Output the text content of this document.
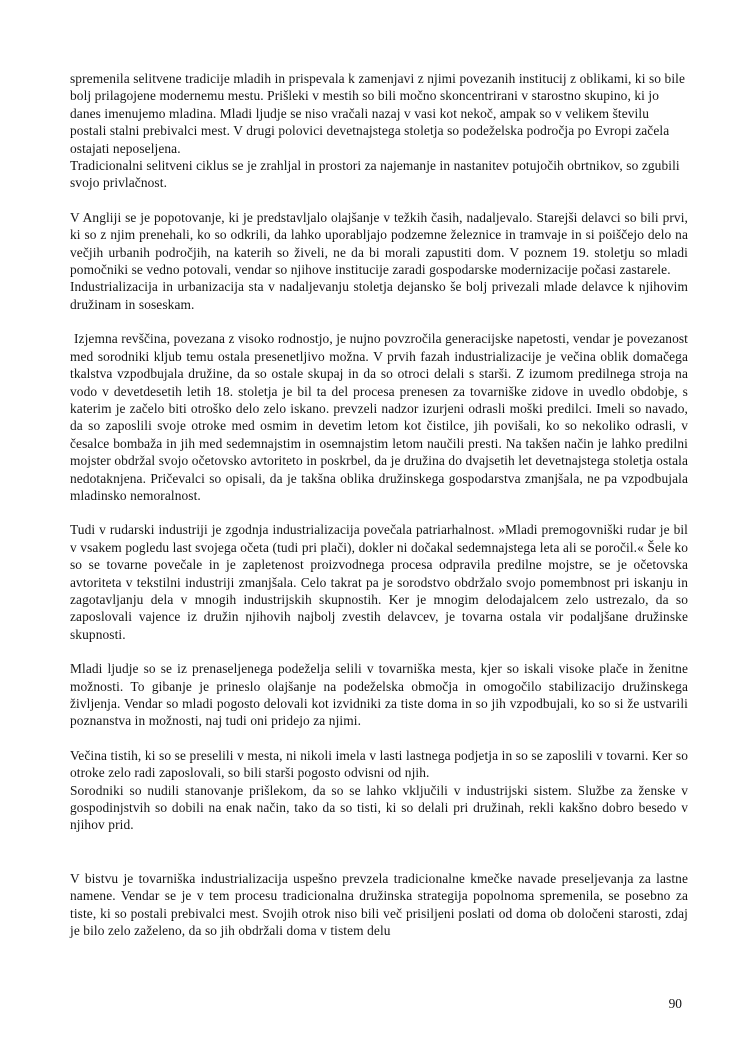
spremenila selitvene tradicije mladih in prispevala k zamenjavi z njimi povezanih institucij z oblikami, ki so bile bolj prilagojene modernemu mestu. Prišleki v mestih so bili močno skoncentrirani v starostno skupino, ki jo danes imenujemo mladina. Mladi ljudje se niso vračali nazaj v vasi kot nekoč, ampak so v velikem številu postali stalni prebivalci mest. V drugi polovici devetnajstega stoletja so podeželska področja po Evropi začela ostajati neposeljena.

Tradicionalni selitveni ciklus se je zrahljal in prostori za najemanje in nastanitev potujočih obrtnikov, so zgubili svojo privlačnost.

V Angliji se je popotovanje, ki je predstavljalo olajšanje v težkih časih, nadaljevalo. Starejši delavci so bili prvi, ki so z njim prenehali, ko so odkrili, da lahko uporabljajo podzemne železnice in tramvaje in si poiščejo delo na večjih urbanih področjih, na katerih so živeli, ne da bi morali zapustiti dom. V poznem 19. stoletju so mladi pomočniki se vedno potovali, vendar so njihove institucije zaradi gospodarske modernizacije počasi zastarele.

Industrializacija in urbanizacija sta v nadaljevanju stoletja dejansko še bolj privezali mlade delavce k njihovim družinam in soseskam.

Izjemna revščina, povezana z visoko rodnostjo, je nujno povzročila generacijske napetosti, vendar je povezanost med sorodniki kljub temu ostala presenetljivo možna. V prvih fazah industrializacije je večina oblik domačega tkalstva vzpodbujala družine, da so ostale skupaj in da so otroci delali s starši. Z izumom predilnega stroja na vodo v devetdesetih letih 18. stoletja je bil ta del procesa prenesen za tovarniške zidove in uvedlo obdobje, s katerim je začelo biti otroško delo zelo iskano. prevzeli nadzor izurjeni odrasli moški predilci. Imeli so navado, da so zaposlili svoje otroke med osmim in devetim letom kot čistilce, jih povišali, ko so nekoliko odrasli, v česalce bombaža in jih med sedemnajstim in osemnajstim letom naučili presti. Na takšen način je lahko predilni mojster obdržal svojo očetovsko avtoriteto in poskrbel, da je družina do dvajsetih let devetnajstega stoletja ostala nedotaknjena. Pričevalci so opisali, da je takšna oblika družinskega gospodarstva zmanjšala, ne pa vzpodbujala mladinsko nemoralnost.

Tudi v rudarski industriji je zgodnja industrializacija povečala patriarhalnost. »Mladi premogovniški rudar je bil v vsakem pogledu last svojega očeta (tudi pri plači), dokler ni dočakal sedemnajstega leta ali se poročil.« Šele ko so se tovarne povečale in je zapletenost proizvodnega procesa odpravila predilne mojstre, se je očetovska avtoriteta v tekstilni industriji zmanjšala. Celo takrat pa je sorodstvo obdržalo svojo pomembnost pri iskanju in zagotavljanju dela v mnogih industrijskih skupnostih. Ker je mnogim delodajalcem zelo ustrezalo, da so zaposlovali vajence iz družin njihovih najbolj zvestih delavcev, je tovarna ostala vir podaljšane družinske skupnosti.

Mladi ljudje so se iz prenaseljenega podeželja selili v tovarniška mesta, kjer so iskali visoke plače in ženitne možnosti. To gibanje je prineslo olajšanje na podeželska območja in omogočilo stabilizacijo družinskega življenja. Vendar so mladi pogosto delovali kot izvidniki za tiste doma in so jih vzpodbujali, ko so si že ustvarili poznanstva in možnosti, naj tudi oni pridejo za njimi.

Večina tistih, ki so se preselili v mesta, ni nikoli imela v lasti lastnega podjetja in so se zaposlili v tovarni. Ker so otroke zelo radi zaposlovali, so bili starši pogosto odvisni od njih.

Sorodniki so nudili stanovanje prišlekom, da so se lahko vključili v industrijski sistem. Službe za ženske v gospodinjstvih so dobili na enak način, tako da so tisti, ki so delali pri družinah, rekli kakšno dobro besedo v njihov prid.

V bistvu je tovarniška industrializacija uspešno prevzela tradicionalne kmečke navade preseljevanja za lastne namene. Vendar se je v tem procesu tradicionalna družinska strategija popolnoma spremenila, se posebno za tiste, ki so postali prebivalci mest. Svojih otrok niso bili več prisiljeni poslati od doma ob določeni starosti, zdaj je bilo zelo zaželeno, da so jih obdržali doma v tistem delu

90
